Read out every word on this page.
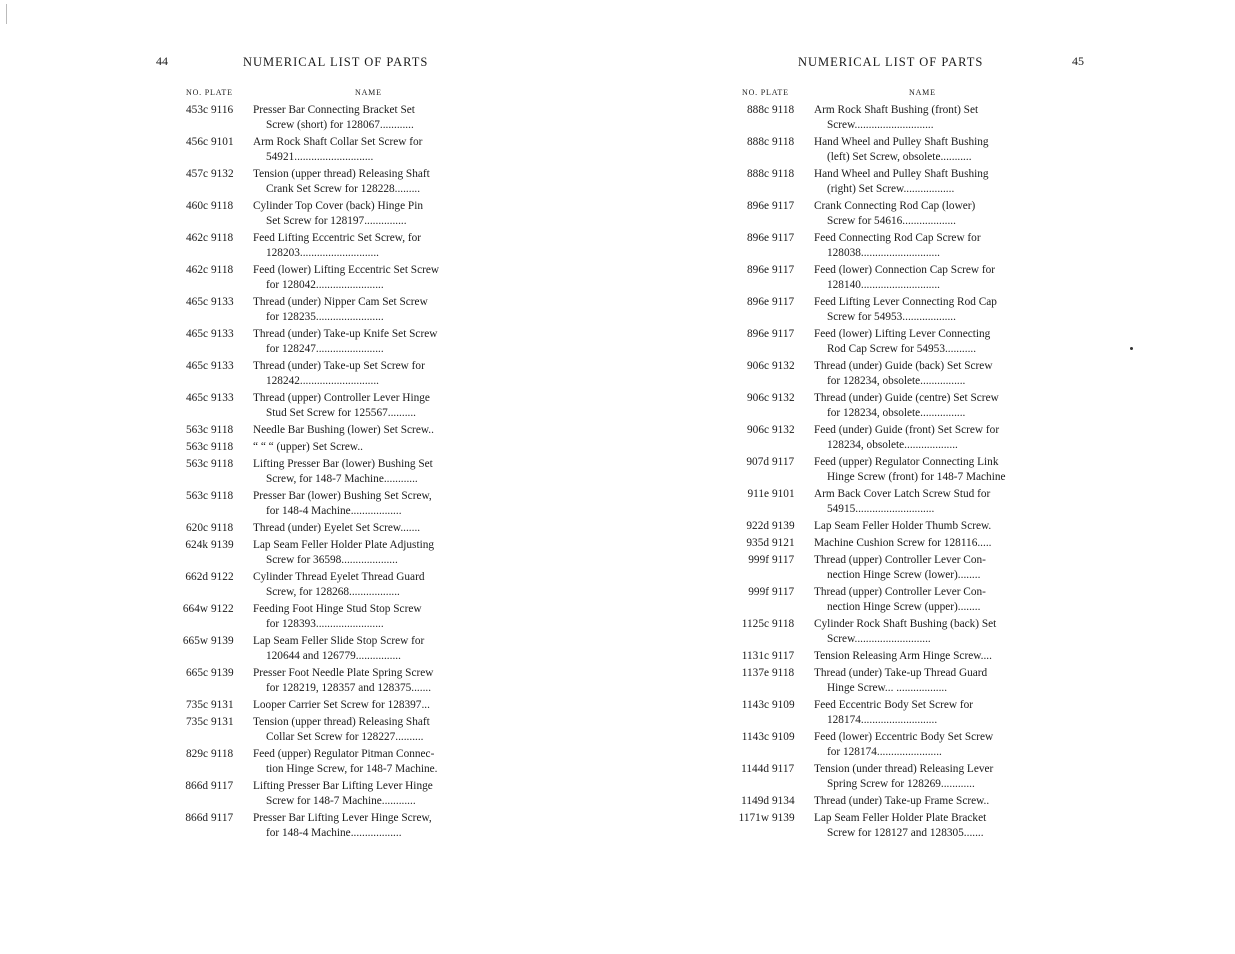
44	NUMERICAL LIST OF PARTS
NO. PLATE	NAME
453c 9116	Presser Bar Connecting Bracket Set
Screw (short) for 128067............
456c 9101	Arm Rock Shaft Collar Set Screw for
54921............................
457c 9132	Tension (upper thread) Releasing Shaft
Crank Set Screw for 128228.........
460c 9118	Cylinder Top Cover (back) Hinge Pin
Set Screw for 128197...............
462c 9118	Feed Lifting Eccentric Set Screw, for
128203............................
462c 9118	Feed (lower) Lifting Eccentric Set Screw
for 128042........................
465c 9133	Thread (under) Nipper Cam Set Screw
for 128235........................
465c 9133	Thread (under) Take-up Knife Set Screw
for 128247........................
465c 9133	Thread (under) Take-up Set Screw for
128242............................
465c 9133	Thread (upper) Controller Lever Hinge
Stud Set Screw for 125567..........
563c 9118	Needle Bar Bushing (lower) Set Screw..
563c 9118	“ “ “ (upper) Set Screw..
563c 9118	Lifting Presser Bar (lower) Bushing Set
Screw, for 148-7 Machine............
563c 9118	Presser Bar (lower) Bushing Set Screw,
for 148-4 Machine..................
620c 9118	Thread (under) Eyelet Set Screw.......
624k 9139	Lap Seam Feller Holder Plate Adjusting
Screw for 36598....................
662d 9122	Cylinder Thread Eyelet Thread Guard
Screw, for 128268..................
664w 9122	Feeding Foot Hinge Stud Stop Screw
for 128393........................
665w 9139	Lap Seam Feller Slide Stop Screw for
120644 and 126779................
665c 9139	Presser Foot Needle Plate Spring Screw
for 128219, 128357 and 128375.......
735c 9131	Looper Carrier Set Screw for 128397...
735c 9131	Tension (upper thread) Releasing Shaft
Collar Set Screw for 128227..........
829c 9118	Feed (upper) Regulator Pitman Connec-
tion Hinge Screw, for 148-7 Machine.
866d 9117	Lifting Presser Bar Lifting Lever Hinge
Screw for 148-7 Machine............
866d 9117	Presser Bar Lifting Lever Hinge Screw,
for 148-4 Machine..................
45
NUMERICAL LIST OF PARTS
NO. PLATE	NAME
888c 9118	Arm Rock Shaft Bushing (front) Set
Screw............................
888c 9118	Hand Wheel and Pulley Shaft Bushing
(left) Set Screw, obsolete...........
888c 9118	Hand Wheel and Pulley Shaft Bushing
(right) Set Screw..................
896e 9117	Crank Connecting Rod Cap (lower)
Screw for 54616...................
896e 9117	Feed Connecting Rod Cap Screw for
128038............................
896e 9117	Feed (lower) Connection Cap Screw for
128140............................
896e 9117	Feed Lifting Lever Connecting Rod Cap
Screw for 54953...................
896e 9117	Feed (lower) Lifting Lever Connecting
Rod Cap Screw for 54953...........
906c 9132	Thread (under) Guide (back) Set Screw
for 128234, obsolete................
906c 9132	Thread (under) Guide (centre) Set Screw
for 128234, obsolete................
906c 9132	Feed (under) Guide (front) Set Screw for
128234, obsolete...................
907d 9117	Feed (upper) Regulator Connecting Link
Hinge Screw (front) for 148-7 Machine
911e 9101	Arm Back Cover Latch Screw Stud for
54915............................
922d 9139	Lap Seam Feller Holder Thumb Screw.
935d 9121	Machine Cushion Screw for 128116.....
999f 9117	Thread (upper) Controller Lever Con-
nection Hinge Screw (lower)........
999f 9117	Thread (upper) Controller Lever Con-
nection Hinge Screw (upper)........
1125c 9118	Cylinder Rock Shaft Bushing (back) Set
Screw...........................
1131c 9117	Tension Releasing Arm Hinge Screw....
1137e 9118	Thread (under) Take-up Thread Guard
Hinge Screw... ..................
1143c 9109	Feed Eccentric Body Set Screw for
128174...........................
1143c 9109	Feed (lower) Eccentric Body Set Screw
for 128174.......................
1144d 9117	Tension (under thread) Releasing Lever
Spring Screw for 128269............
1149d 9134	Thread (under) Take-up Frame Screw..
1171w 9139	Lap Seam Feller Holder Plate Bracket
Screw for 128127 and 128305.......
